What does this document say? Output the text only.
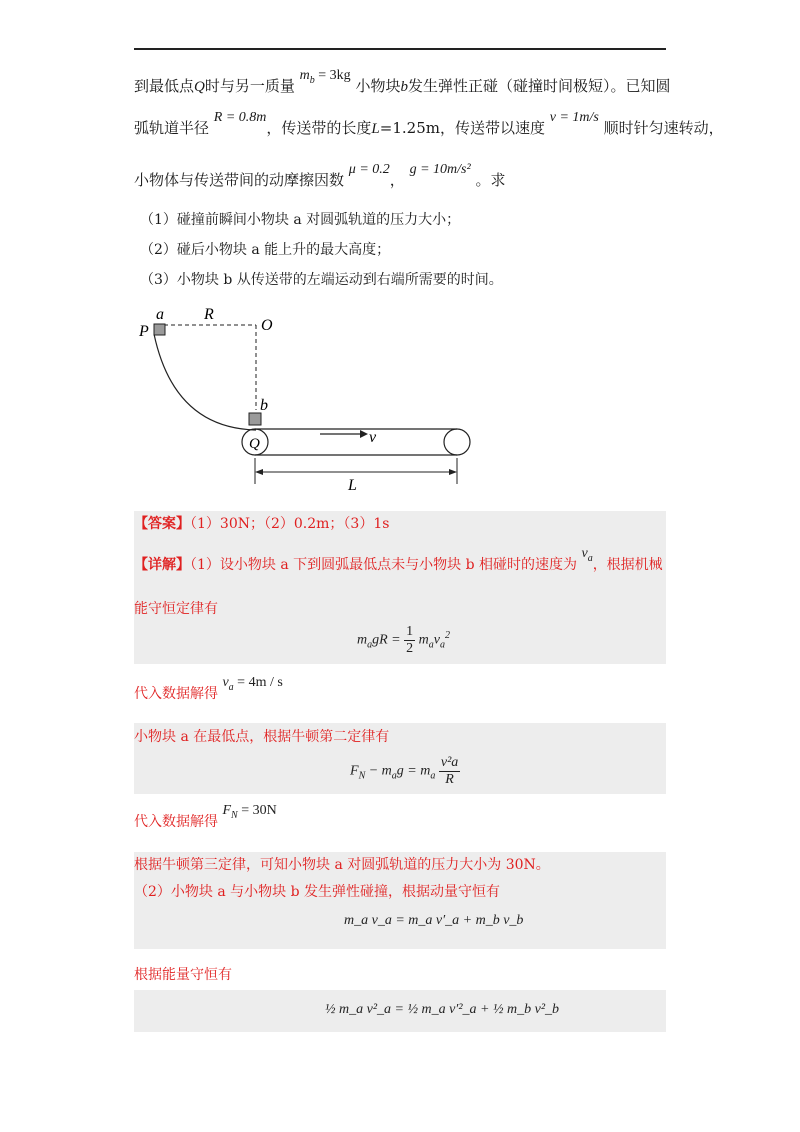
到最低点Q时与另一质量 $m_b = 3kg$ 小物块b发生弹性正碰（碰撞时间极短）。已知圆
弧轨道半径 R = 0.8m，传送带的长度L=1.25m，传送带以速度 v = 1m/s 顺时针匀速转动，
小物体与传送带间的动摩擦因数 μ = 0.2， g = 10m/s² 。求
（1）碰撞前瞬间小物块 a 对圆弧轨道的压力大小；
（2）碰后小物块 a 能上升的最大高度；
（3）小物块 b 从传送带的左端运动到右端所需要的时间。
a
P
R
O
b
Q	v
L
【答案】（1）30N；（2）0.2m；（3）1s
【详解】（1）设小物块 a 下到圆弧最低点未与小物块 b 相碰时的速度为 $v_a$，根据机械
能守恒定律有
$m_agR = \frac{1}{2} m_av_a^2$
代入数据解得 $v_a = 4m / s$
小物块 a 在最低点，根据牛顿第二定律有
$F_N - m_ag = m_a \frac{\text{v²a}}{R}$
代入数据解得 $F_N = 30N$
根据牛顿第三定律，可知小物块 a 对圆弧轨道的压力大小为 30N。
（2）小物块 a 与小物块 b 发生弹性碰撞，根据动量守恒有
m_a v_a = m_a v′_a + m_b v_b
根据能量守恒有
½ m_a v²_a = ½ m_a v′²_a + ½ m_b v²_b
